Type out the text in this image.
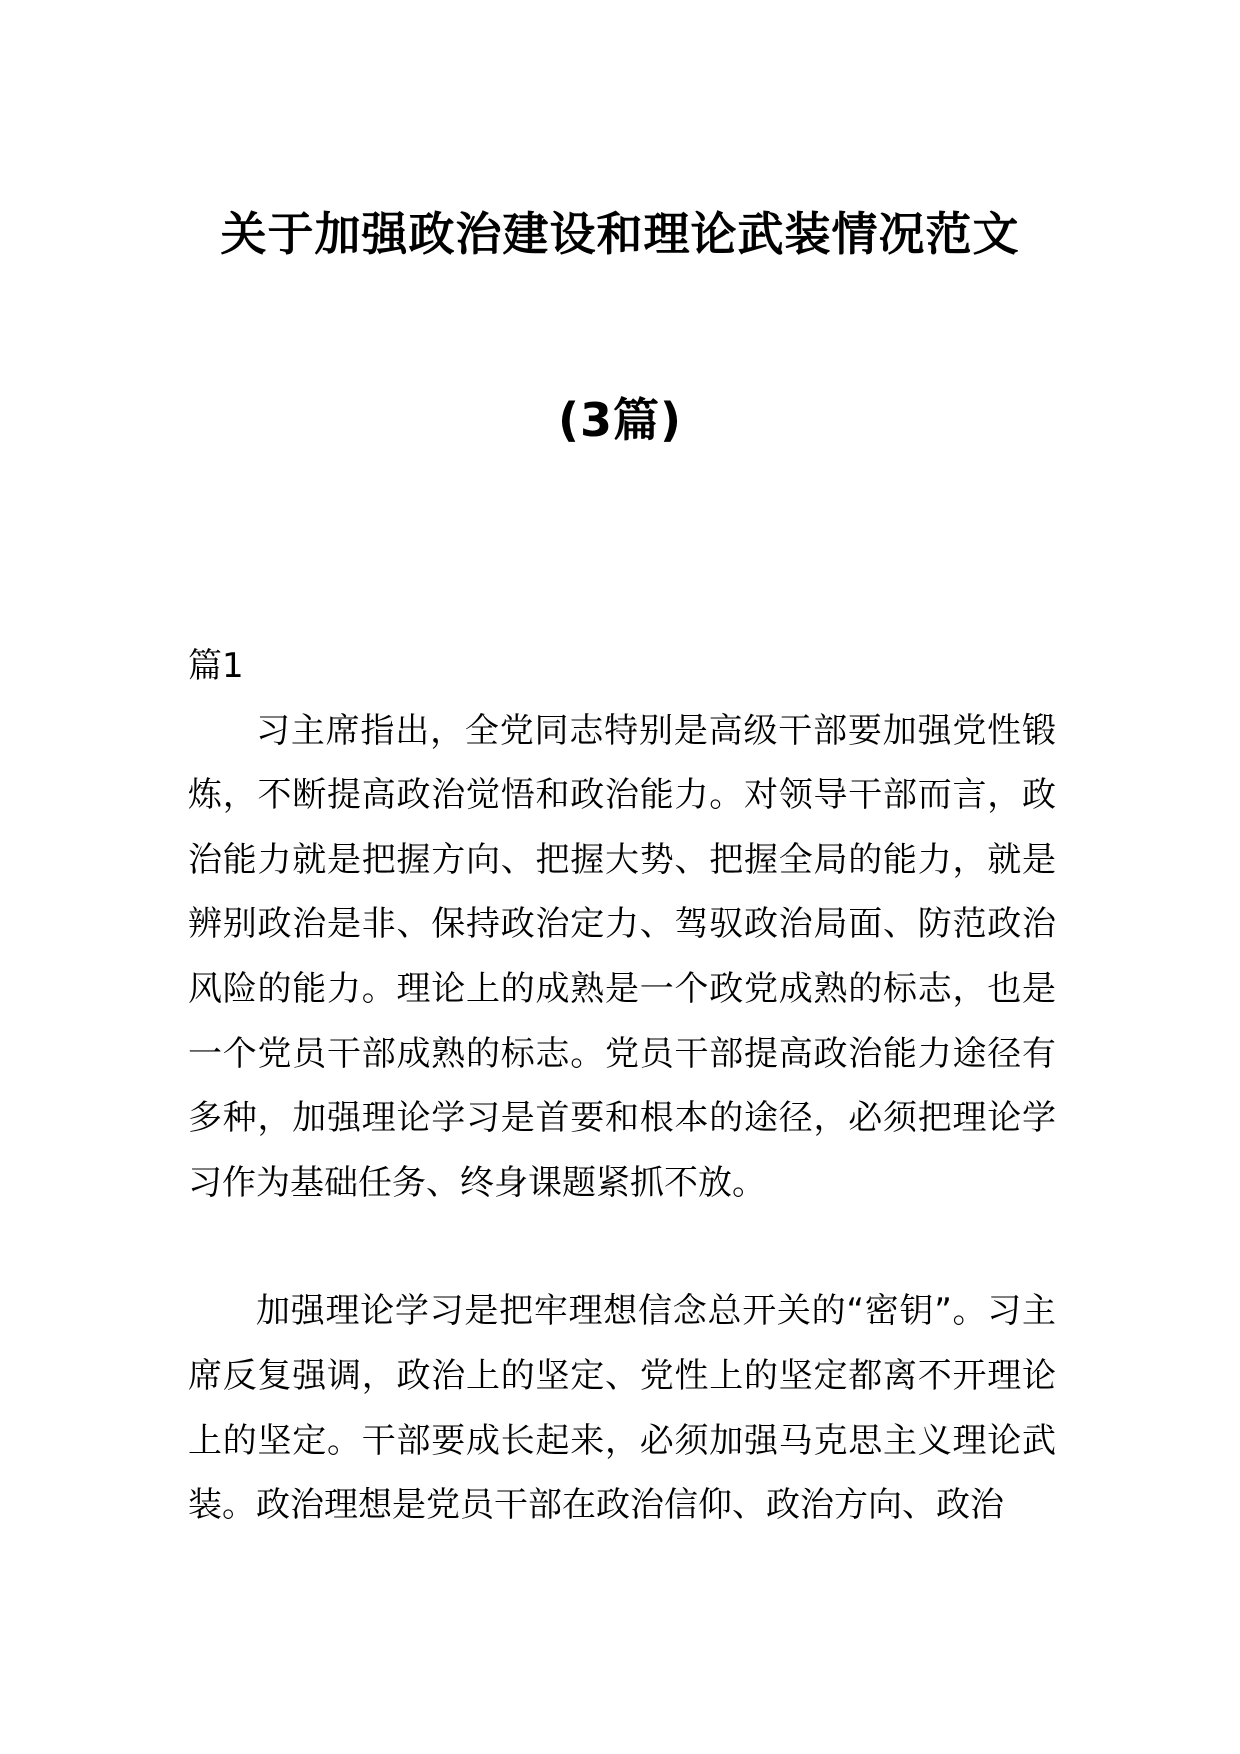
关于加强政治建设和理论武装情况范文
(3篇)

篇1

习主席指出，全党同志特别是高级干部要加强党性锻炼，不断提高政治觉悟和政治能力。对领导干部而言，政治能力就是把握方向、把握大势、把握全局的能力，就是辨别政治是非、保持政治定力、驾驭政治局面、防范政治风险的能力。理论上的成熟是一个政党成熟的标志，也是一个党员干部成熟的标志。党员干部提高政治能力途径有多种，加强理论学习是首要和根本的途径，必须把理论学习作为基础任务、终身课题紧抓不放。

加强理论学习是把牢理想信念总开关的“密钥”。习主席反复强调，政治上的坚定、党性上的坚定都离不开理论上的坚定。干部要成长起来，必须加强马克思主义理论武装。政治理想是党员干部在政治信仰、政治方向、政治
